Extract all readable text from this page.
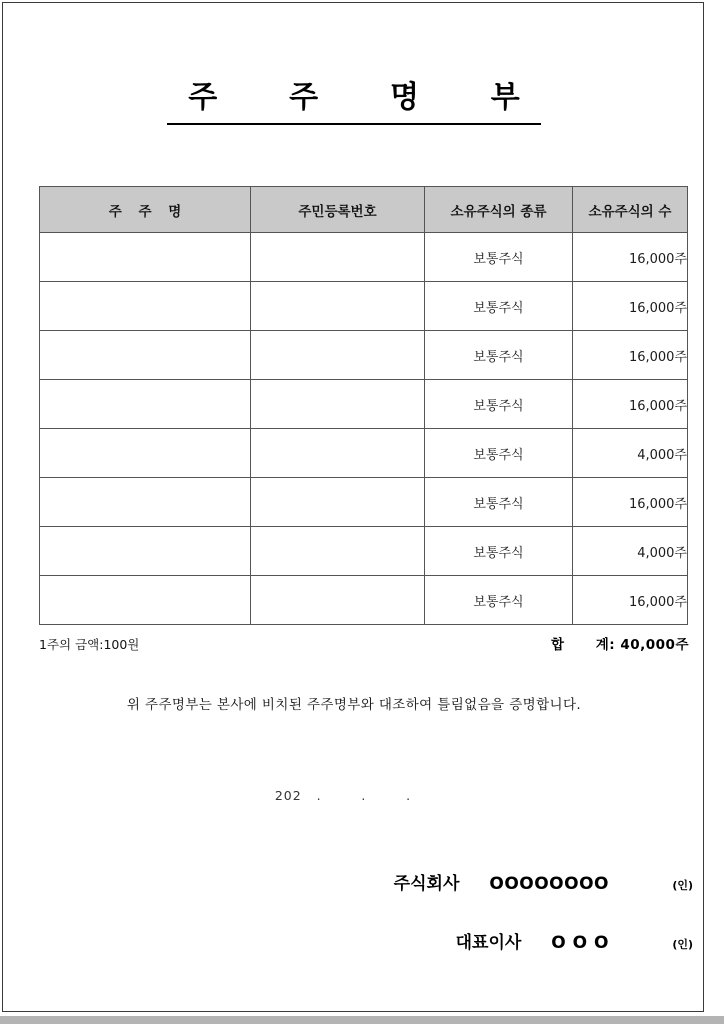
주  주  명  부
주 주 명	주민등록번호	소유주식의 종류	소유주식의 수
		보통주식	16,000주
		보통주식	16,000주
		보통주식	16,000주
		보통주식	16,000주
		보통주식	4,000주
		보통주식	16,000주
		보통주식	4,000주
		보통주식	16,000주
1주의 금액:100원	합      계: 40,000주
위 주주명부는 본사에 비치된 주주명부와 대조하여 틀림없음을 증명합니다.
202   .        .        .
주식회사 OOOOOOOO	(인)
대표이사 O O O	(인)
